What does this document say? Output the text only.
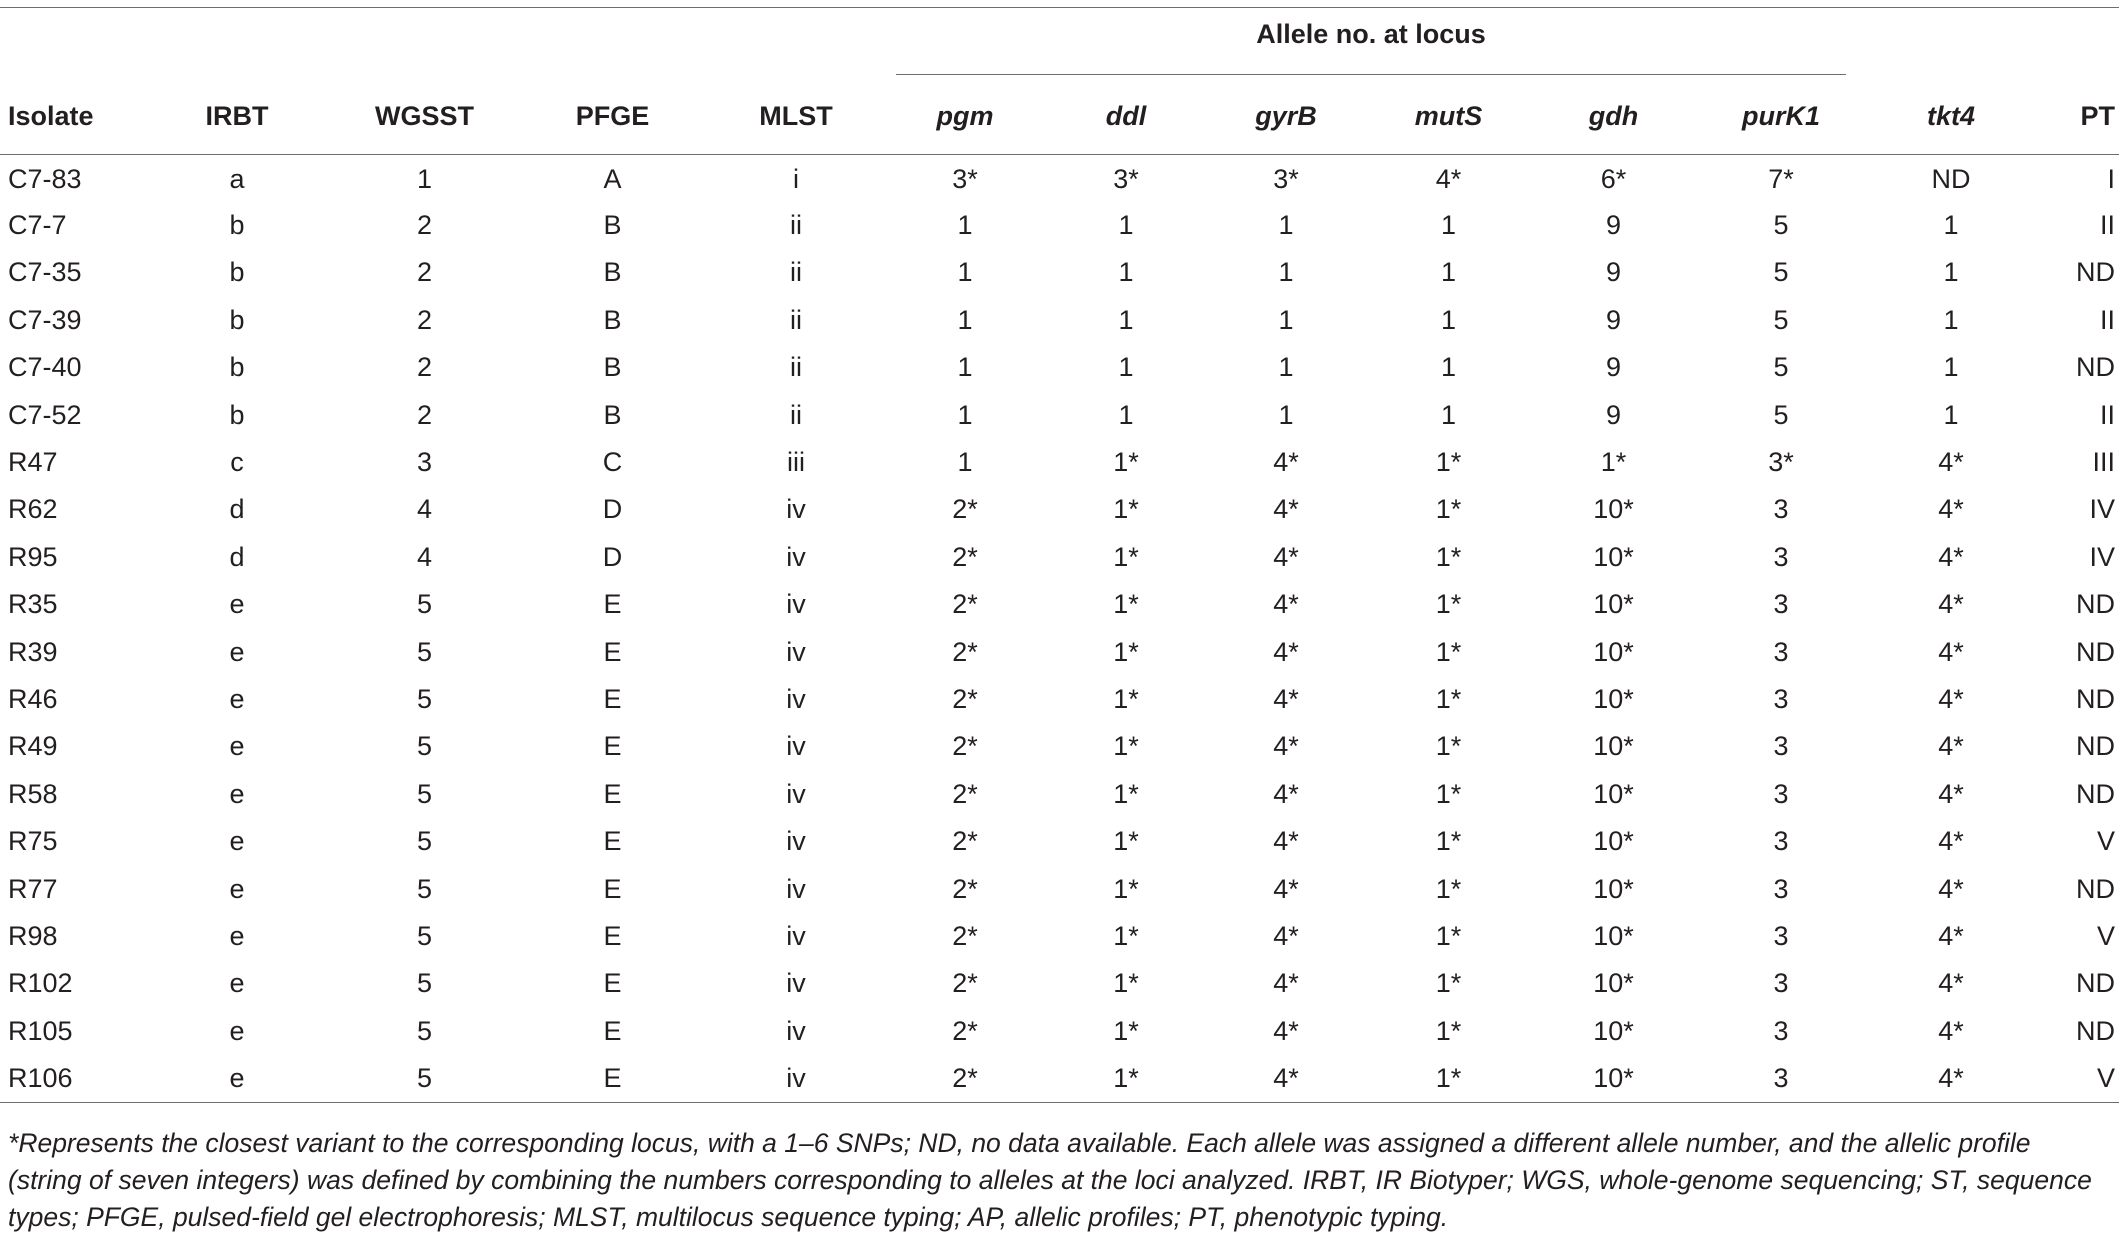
					Allele no. at locus							

Isolate	IRBT	WGSST	PFGE	MLST	pgm	ddl	gyrB	mutS	gdh	purK1	tkt4	PT
C7-83	a	1	A	i	3*	3*	3*	4*	6*	7*	ND	I
C7-7	b	2	B	ii	1	1	1	1	9	5	1	II
C7-35	b	2	B	ii	1	1	1	1	9	5	1	ND
C7-39	b	2	B	ii	1	1	1	1	9	5	1	II
C7-40	b	2	B	ii	1	1	1	1	9	5	1	ND
C7-52	b	2	B	ii	1	1	1	1	9	5	1	II
R47	c	3	C	iii	1	1*	4*	1*	1*	3*	4*	III
R62	d	4	D	iv	2*	1*	4*	1*	10*	3	4*	IV
R95	d	4	D	iv	2*	1*	4*	1*	10*	3	4*	IV
R35	e	5	E	iv	2*	1*	4*	1*	10*	3	4*	ND
R39	e	5	E	iv	2*	1*	4*	1*	10*	3	4*	ND
R46	e	5	E	iv	2*	1*	4*	1*	10*	3	4*	ND
R49	e	5	E	iv	2*	1*	4*	1*	10*	3	4*	ND
R58	e	5	E	iv	2*	1*	4*	1*	10*	3	4*	ND
R75	e	5	E	iv	2*	1*	4*	1*	10*	3	4*	V
R77	e	5	E	iv	2*	1*	4*	1*	10*	3	4*	ND
R98	e	5	E	iv	2*	1*	4*	1*	10*	3	4*	V
R102	e	5	E	iv	2*	1*	4*	1*	10*	3	4*	ND
R105	e	5	E	iv	2*	1*	4*	1*	10*	3	4*	ND
R106	e	5	E	iv	2*	1*	4*	1*	10*	3	4*	V
*Represents the closest variant to the corresponding locus, with a 1–6 SNPs; ND, no data available. Each allele was assigned a different allele number, and the allelic profile (string of seven integers) was defined by combining the numbers corresponding to alleles at the loci analyzed. IRBT, IR Biotyper; WGS, whole-genome sequencing; ST, sequence types; PFGE, pulsed-field gel electrophoresis; MLST, multilocus sequence typing; AP, allelic profiles; PT, phenotypic typing.
